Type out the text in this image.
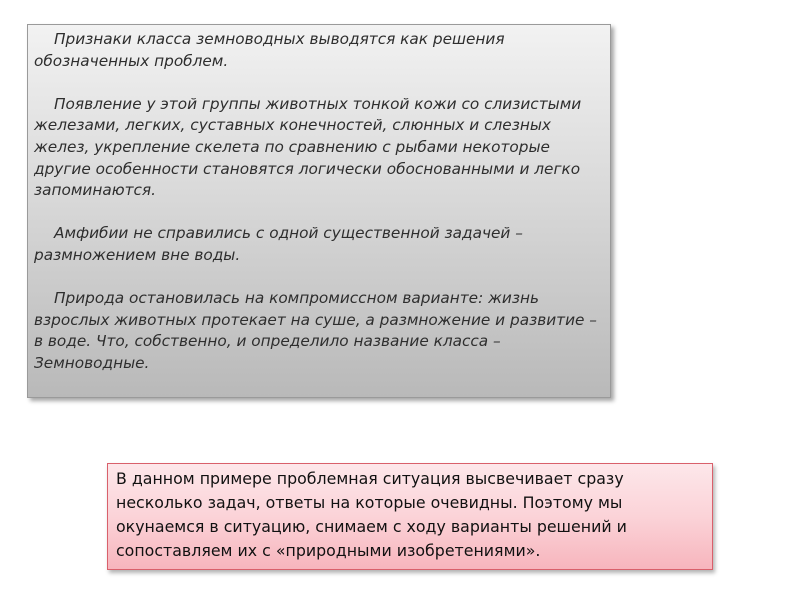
Признаки класса земноводных выводятся как решения обозначенных проблем.

Появление у этой группы животных тонкой кожи со слизистыми железами, легких, суставных конечностей, слюнных и слезных желез, укрепление скелета по сравнению с рыбами некоторые другие особенности становятся логически обоснованными и легко запоминаются.

Амфибии не справились с одной существенной задачей – размножением вне воды.

Природа остановилась на компромиссном варианте: жизнь взрослых животных протекает на суше, а размножение и развитие – в воде. Что, собственно, и определило название класса – Земноводные.

В данном примере проблемная ситуация высвечивает сразу несколько задач, ответы на которые очевидны. Поэтому мы окунаемся в ситуацию, снимаем с ходу варианты решений и сопоставляем их с «природными изобретениями».
